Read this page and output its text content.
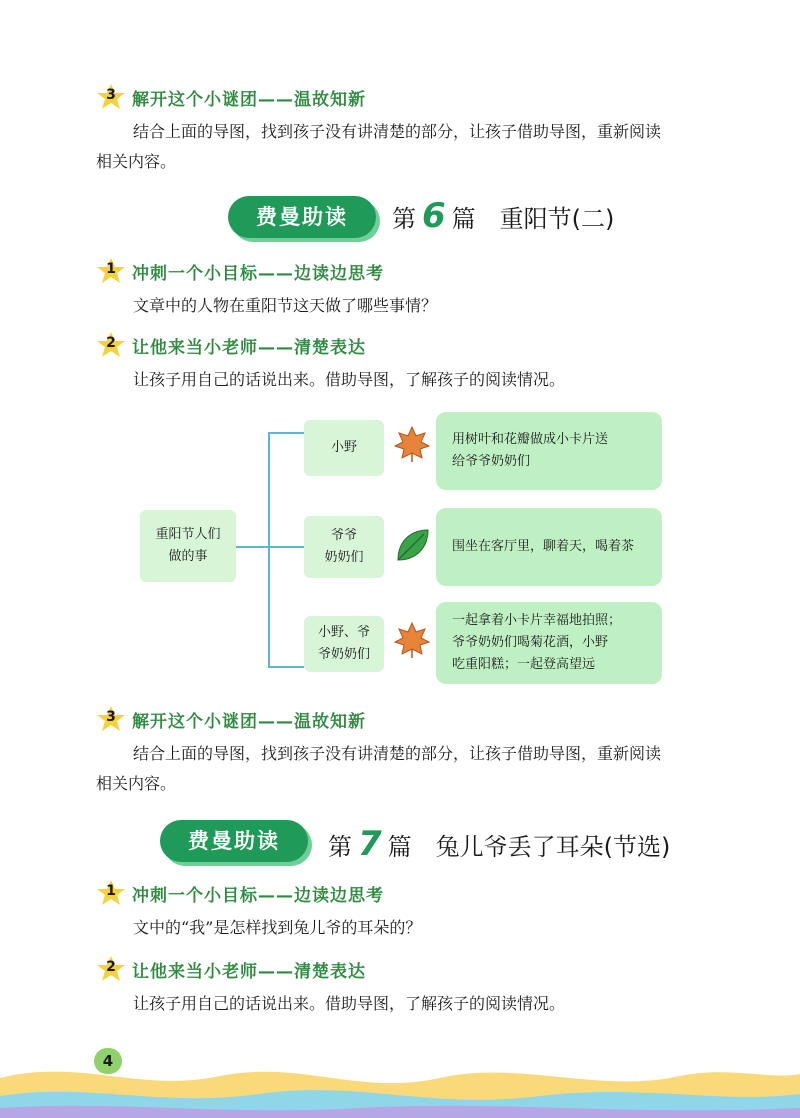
3 解开这个小谜团——温故知新
结合上面的导图，找到孩子没有讲清楚的部分，让孩子借助导图，重新阅读
相关内容。
费曼助读	第 6 篇　重阳节(二)
1 冲刺一个小目标——边读边思考
文章中的人物在重阳节这天做了哪些事情？
2 让他来当小老师——清楚表达
让孩子用自己的话说出来。借助导图，了解孩子的阅读情况。
重阳节人们
做的事
小野
用树叶和花瓣做成小卡片送
给爷爷奶奶们
爷爷
奶奶们
围坐在客厅里，聊着天，喝着茶
小野、爷
爷奶奶们
一起拿着小卡片幸福地拍照；
爷爷奶奶们喝菊花酒，小野
吃重阳糕；一起登高望远
3 解开这个小谜团——温故知新
结合上面的导图，找到孩子没有讲清楚的部分，让孩子借助导图，重新阅读
相关内容。
费曼助读	第 7 篇　兔儿爷丢了耳朵(节选)
1 冲刺一个小目标——边读边思考
文中的“我”是怎样找到兔儿爷的耳朵的？
2 让他来当小老师——清楚表达
让孩子用自己的话说出来。借助导图，了解孩子的阅读情况。
4
